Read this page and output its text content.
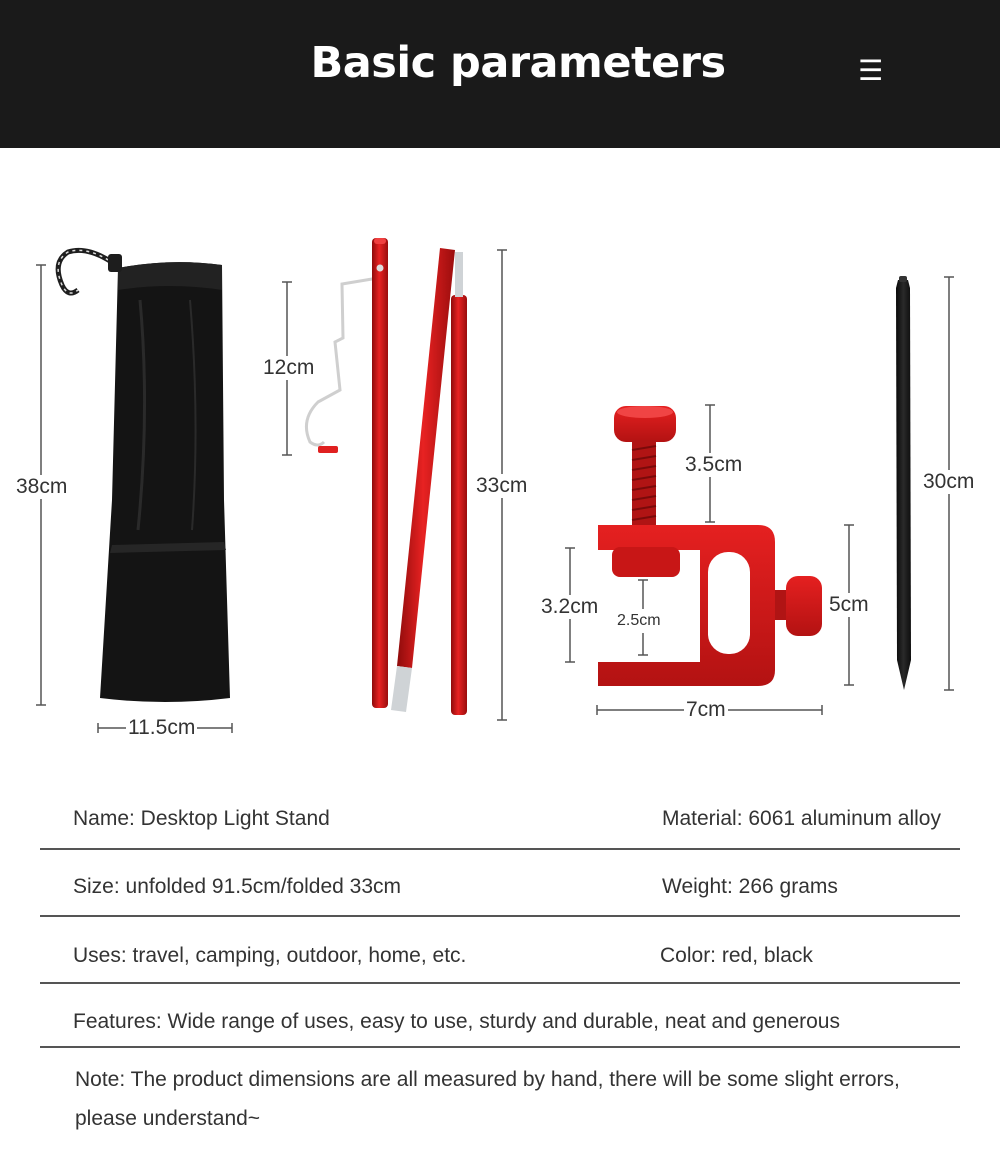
Basic parameters	☰
38cm
11.5cm
12cm
33cm
3.5cm
3.2cm
2.5cm
5cm
7cm
30cm
Name: Desktop Light Stand	Material: 6061 aluminum alloy
Size: unfolded 91.5cm/folded 33cm	Weight: 266 grams
Uses: travel, camping, outdoor, home, etc.	Color: red, black
Features: Wide range of uses, easy to use, sturdy and durable, neat and generous
Note: The product dimensions are all measured by hand, there will be some slight errors, please understand~
